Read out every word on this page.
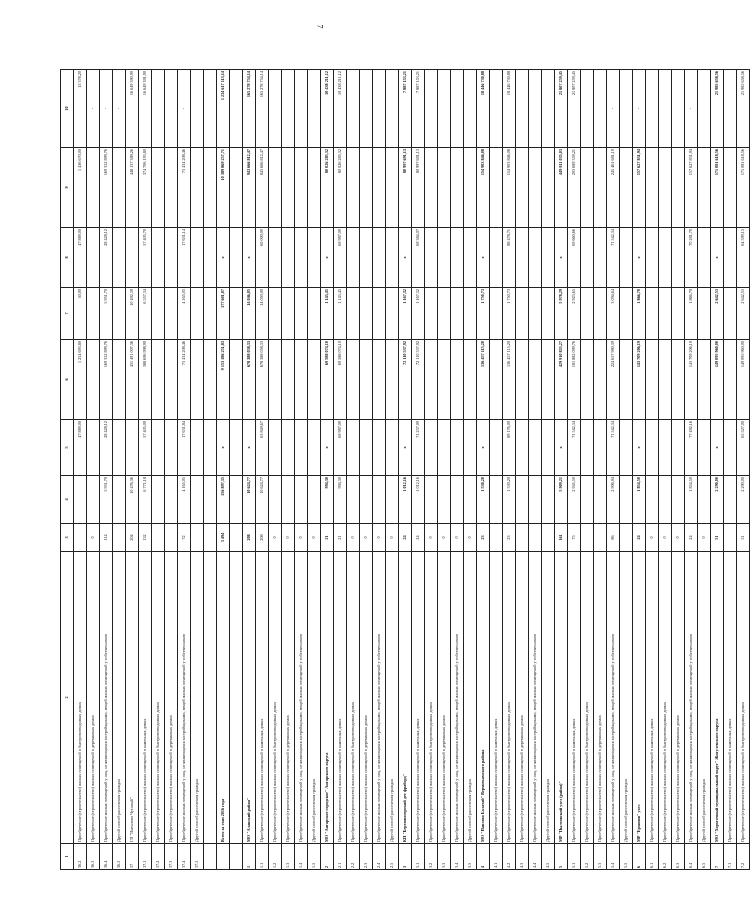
7
1	2	3	4	5	6	7	8	9	10
36.2	Приобретение (строительство) жилых помещений в быстровозводимых домах			47 889,00	1 254 693,80	30,00	47 889,00	1 436 670,00	15 378,20
36.3	Приобретение (строительство) жилых помещений в деревянных домах	0							-
36.4	Приобретение жилых помещений у лиц, не являющихся застройщиками, вещей жилых помещений у собственников	114	5 951,70	28 428,12	169 352 899,76	5 951,70	28 428,12	169 352 899,76	-
36.5	Другой способ расселения граждан								-
37	ГП "Пыталово Чусовый"	204	10 476,36		431 491 007,36	10 492,39		448 137 389,26	16 649 390,90
37.1	Приобретение (строительство) жилых помещений в каменных домах	132	6 771,18	57 405,00	388 696 998,90	6 557,34	57 405,70	374 706 193,80	16 649 391,90
37.2	Приобретение (строительство) жилых помещений в быстровозводимых домах								
37.3	Приобретение (строительство) жилых помещений в деревянных домах								
37.4	Приобретение жилых помещений у лиц, не являющихся застройщиками, вещей жилых помещений у собственников	72	4 165,05	17 631,84	73 434 208,46	4 165,05	17 631,14	73 434 208,46	-
37.5	Другой способ расселения граждан								

	Всего за этап 2016 года	3 494	156 897,35	x	9 153 186 251,83	177 601,07	x	10 389 869 257,71	1 234 617 113,14

1	МО "Аланский район"	208	10 624,77	x	678 388 058,33	14 046,05	x	943 666 812,47	165 278 754,14
1.1	Приобретение (строительство) жилых помещений в каменных домах	208	10 624,77	63 849,67	678 388 058,33	14 050,00	60 000,00	843 666 812,47	165 278 754,14
1.2	Приобретение (строительство) жилых помещений в быстровозводимых домах	0							
1.3	Приобретение (строительство) жилых помещений в деревянных домах	0							
1.4	Приобретение жилых помещений у лиц, не являющихся застройщиками, вещей жилых помещений у собственников	0							
1.5	Другой способ расселения граждан	0							
2	МО "Ангарское городское" Ангарского округа	21	994,30	x	69 588 074,10	1 143,45	x	80 026 285,32	10 438 211,12
2.1	Приобретение (строительство) жилых помещений в каменных домах	21	994,30	69 987,00	69 588 074,10	1 143,45	69 987,00	80 026 285,32	10 438 211,12
2.2	Приобретение (строительство) жилых помещений в быстровозводимых домах	0							
2.3	Приобретение (строительство) жилых помещений в деревянных домах	0							
2.4	Приобретение жилых помещений у лиц, не являющихся застройщиками, вещей жилых помещений у собственников	0							
2.5	Другой способ расселения граждан	0							
3	КП "Березовогорский дет фраборд"	24	1 012,16	x	72 110 537,92	1 167,32	x	80 997 691,13	7 887 153,21
3.1	Приобретение (строительство) жилых помещений в каменных домах	24	1 012,16	71 237,00	72 110 537,92	1 167,32	69 384,07	80 997 691,13	7 887 153,21
3.2	Приобретение (строительство) жилых помещений в быстровозводимых домах	0							
3.3	Приобретение (строительство) жилых помещений в деревянных домах	0							
3.4	Приобретение жилых помещений у лиц, не являющихся застройщиками, вещей жилых помещений у собственников	0							
3.5	Другой способ расселения граждан	0							
4	МО "Павлово Балатай" Верхнекамского района	23	1 530,20	x	136 457 115,20	1 750,73	x	154 903 846,08	18 446 730,88
4.1	Приобретение (строительство) жилых помещений в каменных домах								
4.2	Приобретение (строительство) жилых помещений в быстровозводимых домах	23	1 530,20	89 176,00	136 457 115,20	1 750,73	88 478,71	154 903 846,08	18 446 730,88
4.3	Приобретение (строительство) жилых помещений в деревянных домах								
4.4	Приобретение жилых помещений у лиц, не являющихся застройщиками, вещей жилых помещений у собственников								
4.5	Другой способ расселения граждан								
5	МР "Пылтовский узел (район)"	161	5 909,21	x	429 910 855,27	5 978,29	x	449 811 035,03	21 807 259,45
5.1	Приобретение (строительство) жилых помещений в каменных домах	75	2 945,50	71 542,34	181 882 099,76	2 923,65	69 660,66	203 689 359,21	21 807 259,45
5.2	Приобретение (строительство) жилых помещений в быстровозводимых домах								
5.3	Приобретение (строительство) жилых помещений в деревянных домах								
5.4	Приобретение жилых помещений у лиц, не являющихся застройщиками, вещей жилых помещений у собственников	86	2 906,94	71 542,34	224 657 980,39	3 094,64	71 542,34	245 461 681,19	-
5.5	Другой способ расселения граждан								
6	МР "Ерхипов" узел	24	1 854,50	x	143 709 206,19	1 866,70	x	157 627 831,94	-
6.1	Приобретение (строительство) жилых помещений в каменных домах	0							
6.2	Приобретение (строительство) жилых помещений в быстровозводимых домах	0							
6.3	Приобретение (строительство) жилых помещений в деревянных домах	0							
6.4	Приобретение жилых помещений у лиц, не являющихся застройщиками, вещей жилых помещений у собственников	24	1 854,50	77 492,16	143 709 206,19	1 866,70	70 281,70	157 627 831,94	-
6.5	Другой способ расселения граждан	0							
7	МО "Хорогочный муниципальный округ" Жигулевского округа	51	2 290,00	x	149 095 960,00	2 642,53	x	171 081 618,56	21 985 658,56
7.1	Приобретение (строительство) жилых помещений в каменных домах								
7.2	Приобретение (строительство) жилых помещений в быстровозводимых домах	51	2 290,00	65 527,00	149 095 960,00	2 642,53	64 599,15	171 081 618,56	21 985 658,56
